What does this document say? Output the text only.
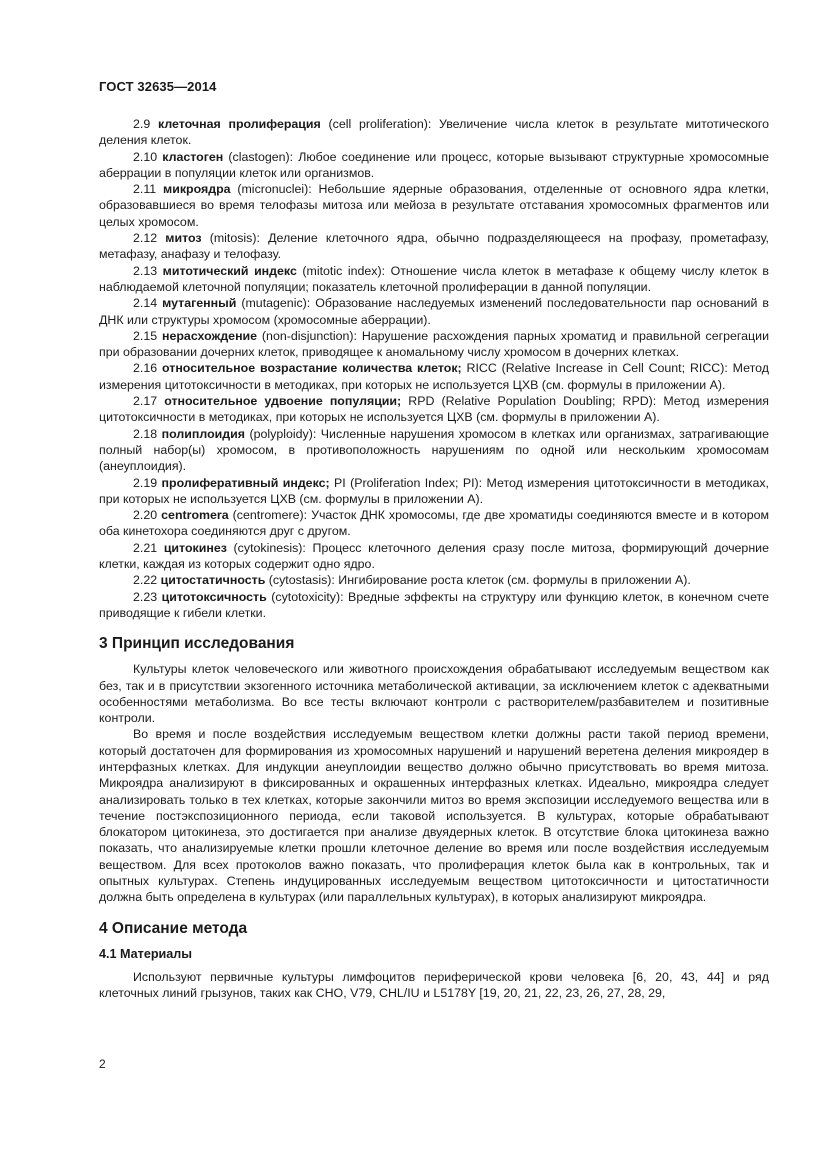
ГОСТ 32635—2014

2.9 клеточная пролиферация (cell proliferation): Увеличение числа клеток в результате митотического деления клеток.

2.10 кластоген (clastogen): Любое соединение или процесс, которые вызывают структурные хромосомные аберрации в популяции клеток или организмов.

2.11 микроядра (micronuclei): Небольшие ядерные образования, отделенные от основного ядра клетки, образовавшиеся во время телофазы митоза или мейоза в результате отставания хромосомных фрагментов или целых хромосом.

2.12 митоз (mitosis): Деление клеточного ядра, обычно подразделяющееся на профазу, прометафазу, метафазу, анафазу и телофазу.

2.13 митотический индекс (mitotic index): Отношение числа клеток в метафазе к общему числу клеток в наблюдаемой клеточной популяции; показатель клеточной пролиферации в данной популяции.

2.14 мутагенный (mutagenic): Образование наследуемых изменений последовательности пар оснований в ДНК или структуры хромосом (хромосомные аберрации).

2.15 нерасхождение (non-disjunction): Нарушение расхождения парных хроматид и правильной сегрегации при образовании дочерних клеток, приводящее к аномальному числу хромосом в дочерних клетках.

2.16 относительное возрастание количества клеток; RICC (Relative Increase in Cell Count; RICC): Метод измерения цитотоксичности в методиках, при которых не используется ЦХВ (см. формулы в приложении А).

2.17 относительное удвоение популяции; RPD (Relative Population Doubling; RPD): Метод измерения цитотоксичности в методиках, при которых не используется ЦХВ (см. формулы в приложении А).

2.18 полиплоидия (polyploidy): Численные нарушения хромосом в клетках или организмах, затрагивающие полный набор(ы) хромосом, в противоположность нарушениям по одной или нескольким хромосомам (анеуплоидия).

2.19 пролиферативный индекс; PI (Proliferation Index; PI): Метод измерения цитотоксичности в методиках, при которых не используется ЦХВ (см. формулы в приложении А).

2.20 centromera (centromere): Участок ДНК хромосомы, где две хроматиды соединяются вместе и в котором оба кинетохора соединяются друг с другом.

2.21 цитокинез (cytokinesis): Процесс клеточного деления сразу после митоза, формирующий дочерние клетки, каждая из которых содержит одно ядро.

2.22 цитостатичность (cytostasis): Ингибирование роста клеток (см. формулы в приложении А).

2.23 цитотоксичность (cytotoxicity): Вредные эффекты на структуру или функцию клеток, в конечном счете приводящие к гибели клетки.

3 Принцип исследования

Культуры клеток человеческого или животного происхождения обрабатывают исследуемым веществом как без, так и в присутствии экзогенного источника метаболической активации, за исключением клеток с адекватными особенностями метаболизма. Во все тесты включают контроли с растворителем/разбавителем и позитивные контроли.

Во время и после воздействия исследуемым веществом клетки должны расти такой период времени, который достаточен для формирования из хромосомных нарушений и нарушений веретена деления микроядер в интерфазных клетках. Для индукции анеуплоидии вещество должно обычно присутствовать во время митоза. Микроядра анализируют в фиксированных и окрашенных интерфазных клетках. Идеально, микроядра следует анализировать только в тех клетках, которые закончили митоз во время экспозиции исследуемого вещества или в течение постэкспозиционного периода, если таковой используется. В культурах, которые обрабатывают блокатором цитокинеза, это достигается при анализе двуядерных клеток. В отсутствие блока цитокинеза важно показать, что анализируемые клетки прошли клеточное деление во время или после воздействия исследуемым веществом. Для всех протоколов важно показать, что пролиферация клеток была как в контрольных, так и опытных культурах. Степень индуцированных исследуемым веществом цитотоксичности и цитостатичности должна быть определена в культурах (или параллельных культурах), в которых анализируют микроядра.

4 Описание метода
4.1 Материалы

Используют первичные культуры лимфоцитов периферической крови человека [6, 20, 43, 44] и ряд клеточных линий грызунов, таких как CHO, V79, CHL/IU и L5178Y [19, 20, 21, 22, 23, 26, 27, 28, 29,

2
